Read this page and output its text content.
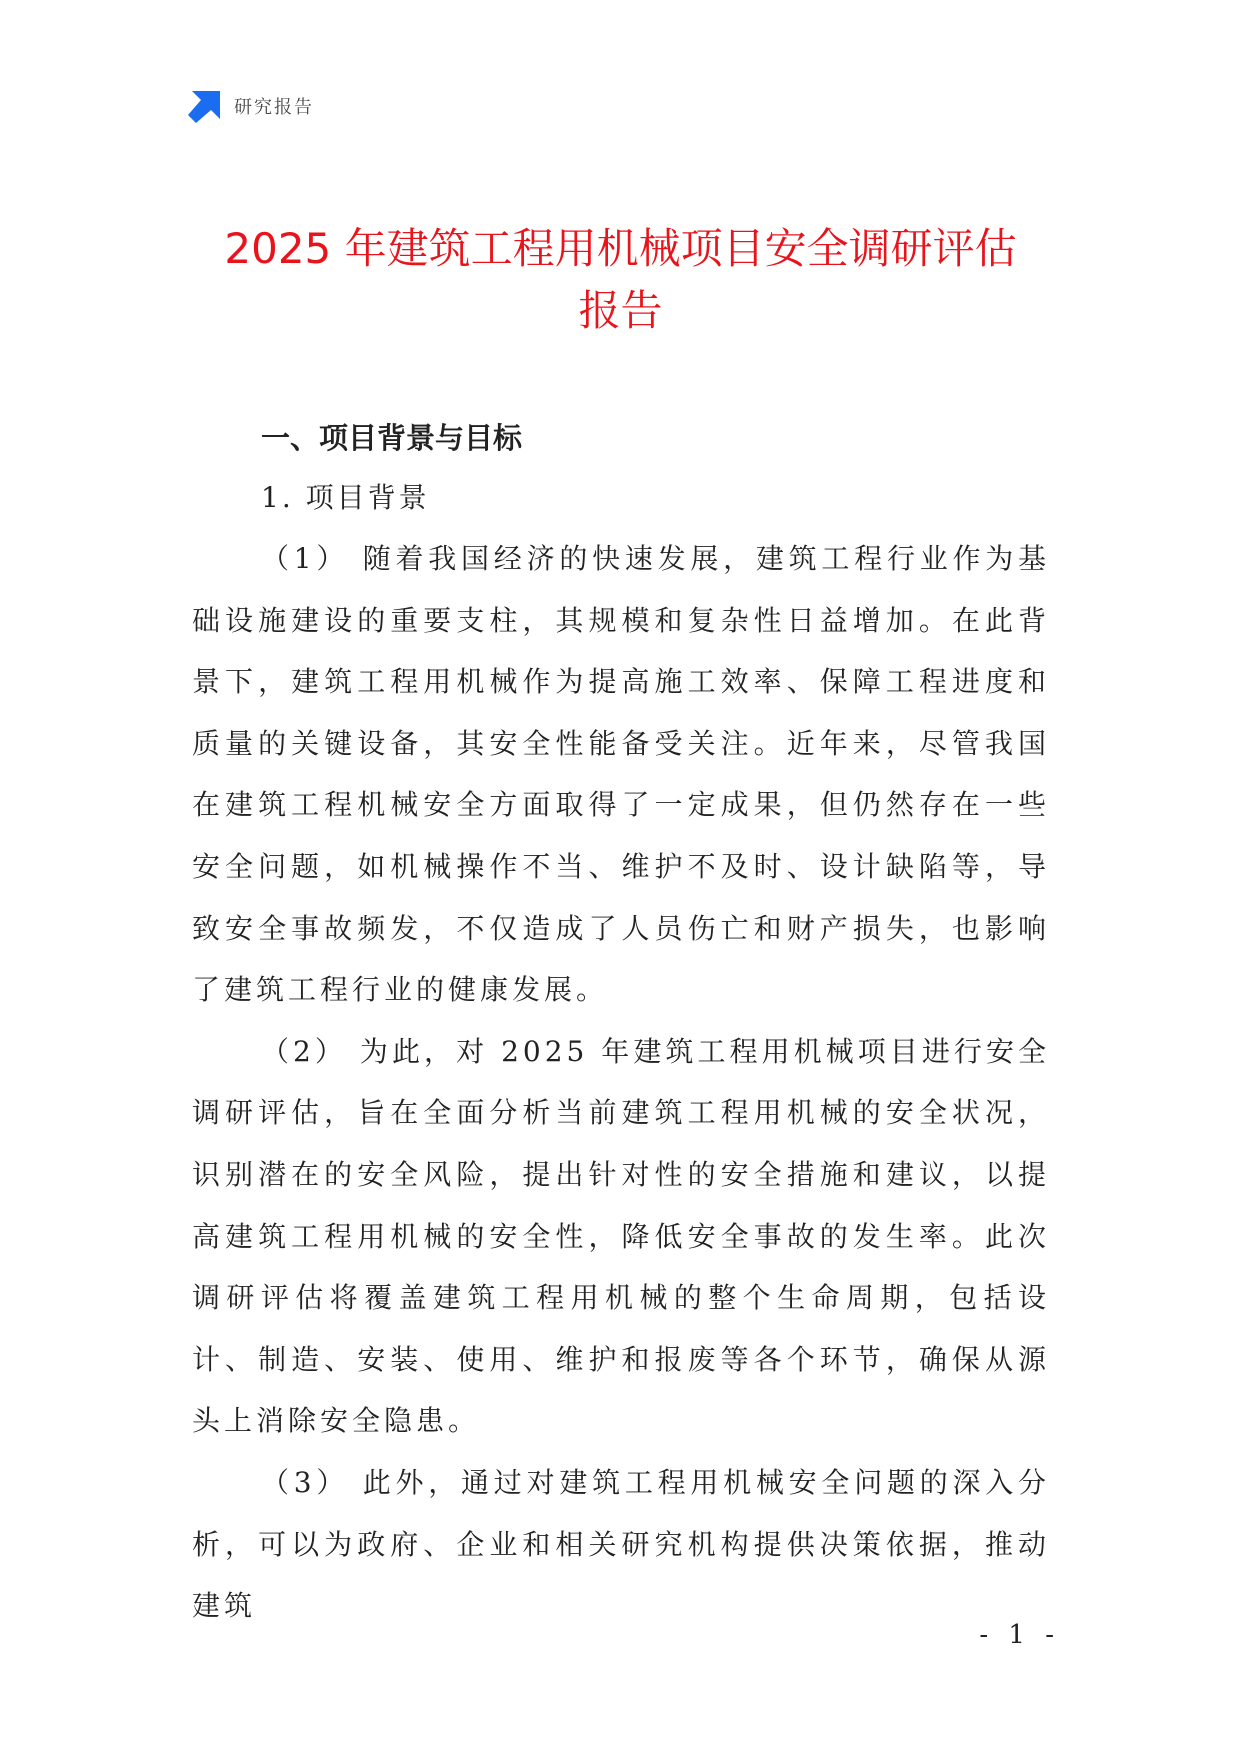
研究报告
2025 年建筑工程用机械项目安全调研评估
报告

一、项目背景与目标

1. 项目背景

（1） 随着我国经济的快速发展，建筑工程行业作为基础设施建设的重要支柱，其规模和复杂性日益增加。在此背景下，建筑工程用机械作为提高施工效率、保障工程进度和质量的关键设备，其安全性能备受关注。近年来，尽管我国在建筑工程机械安全方面取得了一定成果，但仍然存在一些安全问题，如机械操作不当、维护不及时、设计缺陷等，导致安全事故频发，不仅造成了人员伤亡和财产损失，也影响了建筑工程行业的健康发展。

（2） 为此，对 2025 年建筑工程用机械项目进行安全调研评估，旨在全面分析当前建筑工程用机械的安全状况，识别潜在的安全风险，提出针对性的安全措施和建议，以提高建筑工程用机械的安全性，降低安全事故的发生率。此次调研评估将覆盖建筑工程用机械的整个生命周期，包括设计、制造、安装、使用、维护和报废等各个环节，确保从源头上消除安全隐患。

（3） 此外，通过对建筑工程用机械安全问题的深入分析，可以为政府、企业和相关研究机构提供决策依据，推动建筑

- 1 -
